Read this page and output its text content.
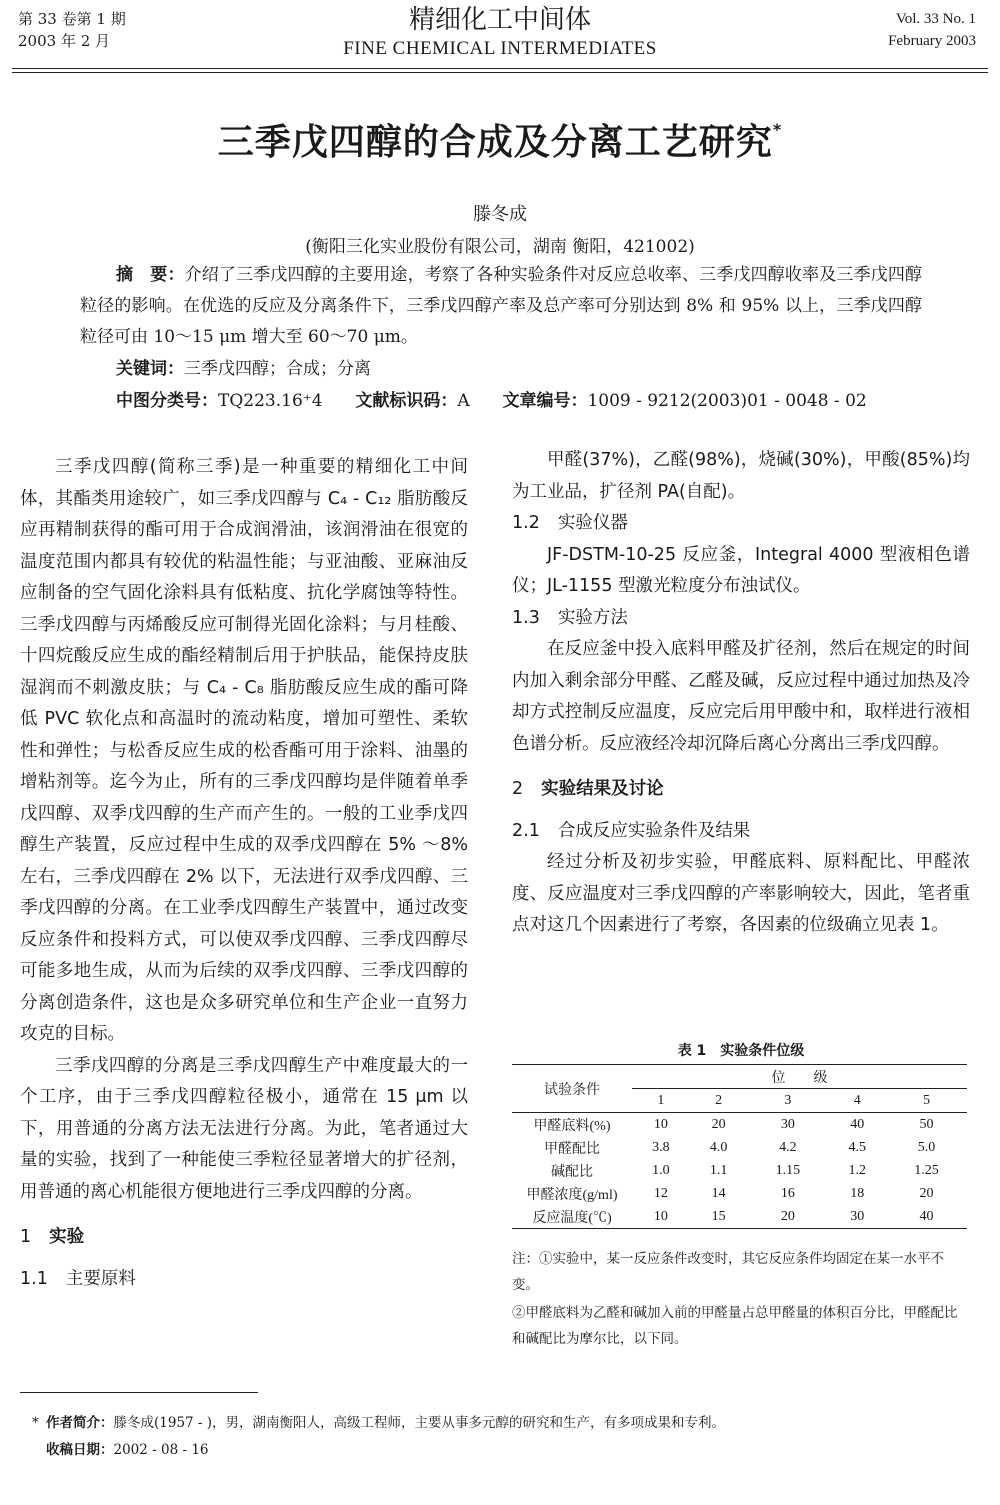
第 33 卷第 1 期
2003 年 2 月
精细化工中间体
FINE CHEMICAL INTERMEDIATES
Vol. 33 No. 1
February 2003
三季戊四醇的合成及分离工艺研究*
滕冬成
(衡阳三化实业股份有限公司，湖南 衡阳，421002)

摘　要：介绍了三季戊四醇的主要用途，考察了各种实验条件对反应总收率、三季戊四醇收率及三季戊四醇粒径的影响。在优选的反应及分离条件下，三季戊四醇产率及总产率可分别达到 8% 和 95% 以上，三季戊四醇粒径可由 10～15 μm 增大至 60～70 μm。

关键词：三季戊四醇；合成；分离
中图分类号：TQ223.16⁺4 文献标识码：A 文章编号：1009 - 9212(2003)01 - 0048 - 02

三季戊四醇(简称三季)是一种重要的精细化工中间体，其酯类用途较广，如三季戊四醇与 C₄ - C₁₂ 脂肪酸反应再精制获得的酯可用于合成润滑油，该润滑油在很宽的温度范围内都具有较优的粘温性能；与亚油酸、亚麻油反应制备的空气固化涂料具有低粘度、抗化学腐蚀等特性。三季戊四醇与丙烯酸反应可制得光固化涂料；与月桂酸、十四烷酸反应生成的酯经精制后用于护肤品，能保持皮肤湿润而不刺激皮肤；与 C₄ - C₈ 脂肪酸反应生成的酯可降低 PVC 软化点和高温时的流动粘度，增加可塑性、柔软性和弹性；与松香反应生成的松香酯可用于涂料、油墨的增粘剂等。迄今为止，所有的三季戊四醇均是伴随着单季戊四醇、双季戊四醇的生产而产生的。一般的工业季戊四醇生产装置，反应过程中生成的双季戊四醇在 5% ～8% 左右，三季戊四醇在 2% 以下，无法进行双季戊四醇、三季戊四醇的分离。在工业季戊四醇生产装置中，通过改变反应条件和投料方式，可以使双季戊四醇、三季戊四醇尽可能多地生成，从而为后续的双季戊四醇、三季戊四醇的分离创造条件，这也是众多研究单位和生产企业一直努力攻克的目标。

三季戊四醇的分离是三季戊四醇生产中难度最大的一个工序，由于三季戊四醇粒径极小，通常在 15 μm 以下，用普通的分离方法无法进行分离。为此，笔者通过大量的实验，找到了一种能使三季粒径显著增大的扩径剂，用普通的离心机能很方便地进行三季戊四醇的分离。

1 实验

1.1 主要原料

甲醛(37%)，乙醛(98%)，烧碱(30%)，甲酸(85%)均为工业品，扩径剂 PA(自配)。

1.2 实验仪器

JF-DSTM-10-25 反应釜，Integral 4000 型液相色谱仪；JL-1155 型激光粒度分布浊试仪。

1.3 实验方法

在反应釜中投入底料甲醛及扩径剂，然后在规定的时间内加入剩余部分甲醛、乙醛及碱，反应过程中通过加热及冷却方式控制反应温度，反应完后用甲酸中和，取样进行液相色谱分析。反应液经冷却沉降后离心分离出三季戊四醇。

2 实验结果及讨论

2.1 合成反应实验条件及结果

经过分析及初步实验，甲醛底料、原料配比、甲醛浓度、反应温度对三季戊四醇的产率影响较大，因此，笔者重点对这几个因素进行了考察，各因素的位级确立见表 1。

表 1　实验条件位级
试验条件	位　　级				
	1	2	3	4	5
甲醛底料(%)	10	20	30	40	50
甲醛配比	3.8	4.0	4.2	4.5	5.0
碱配比	1.0	1.1	1.15	1.2	1.25
甲醛浓度(g/ml)	12	14	16	18	20
反应温度(℃)	10	15	20	30	40
注：①实验中，某一反应条件改变时，其它反应条件均固定在某一水平不变。
②甲醛底料为乙醛和碱加入前的甲醛量占总甲醛量的体积百分比，甲醛配比和碱配比为摩尔比，以下同。
* 作者简介：滕冬成(1957 - )，男，湖南衡阳人，高级工程师，主要从事多元醇的研究和生产，有多项成果和专利。
收稿日期：2002 - 08 - 16
